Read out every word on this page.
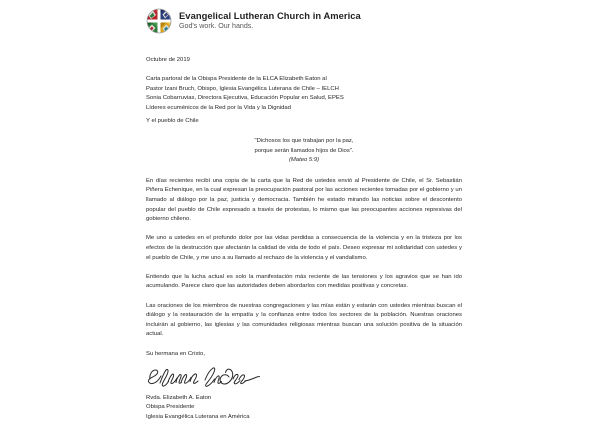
Evangelical Lutheran Church in America
God's work. Our hands.
Octubre de 2019
Carta partoral de la Obispa Presidente de la ELCA Elizabeth Eaton al
Pastor Izani Bruch, Obispo, Iglesia Evangélica Luterana de Chile – IELCH
Sonia Cobarruvias, Directora Ejecutiva, Educación Popular en Salud, EPES
Líderes ecuménicos de la Red por la Vida y la Dignidad
Y el pueblo de Chile
"Dichosos los que trabajan por la paz,
porque serán llamados hijos de Dios".
(Mateo 5:9)
En días recientes recibí una copia de la carta que la Red de ustedes envió al Presidente de Chile, el Sr. Sebastián Piñera Echenique, en la cual expresan la preocupación pastoral por las acciones recientes tomadas por el gobierno y un llamado al diálogo por la paz, justicia y democracia. También he estado mirando las noticias sobre el descontento popular del pueblo de Chile expresado a través de protestas, lo mismo que las preocupantes acciones represivas del gobierno chileno.
Me uno a ustedes en el profundo dolor por las vidas perdidas a consecuencia de la violencia y en la tristeza por los efectos de la destrucción que afectarán la calidad de vida de todo el país. Deseo expresar mi solidaridad con ustedes y el pueblo de Chile, y me uno a su llamado al rechazo de la violencia y el vandalismo.
Entiendo que la lucha actual es solo la manifestación más reciente de las tensiones y los agravios que se han ido acumulando. Parece claro que las autoridades deben abordarlos con medidas positivas y concretas.
Las oraciones de los miembros de nuestras congregaciones y las mías están y estarán con ustedes mientras buscan el diálogo y la restauración de la empatía y la confianza entre todos los sectores de la población. Nuestras oraciones incluirán al gobierno, las iglesias y las comunidades religiosas mientras buscan una solución positiva de la situación actual.
Su hermana en Cristo,
Rvda. Elizabeth A. Eaton
Obispa Presidente
Iglesia Evangélica Luterana en América
